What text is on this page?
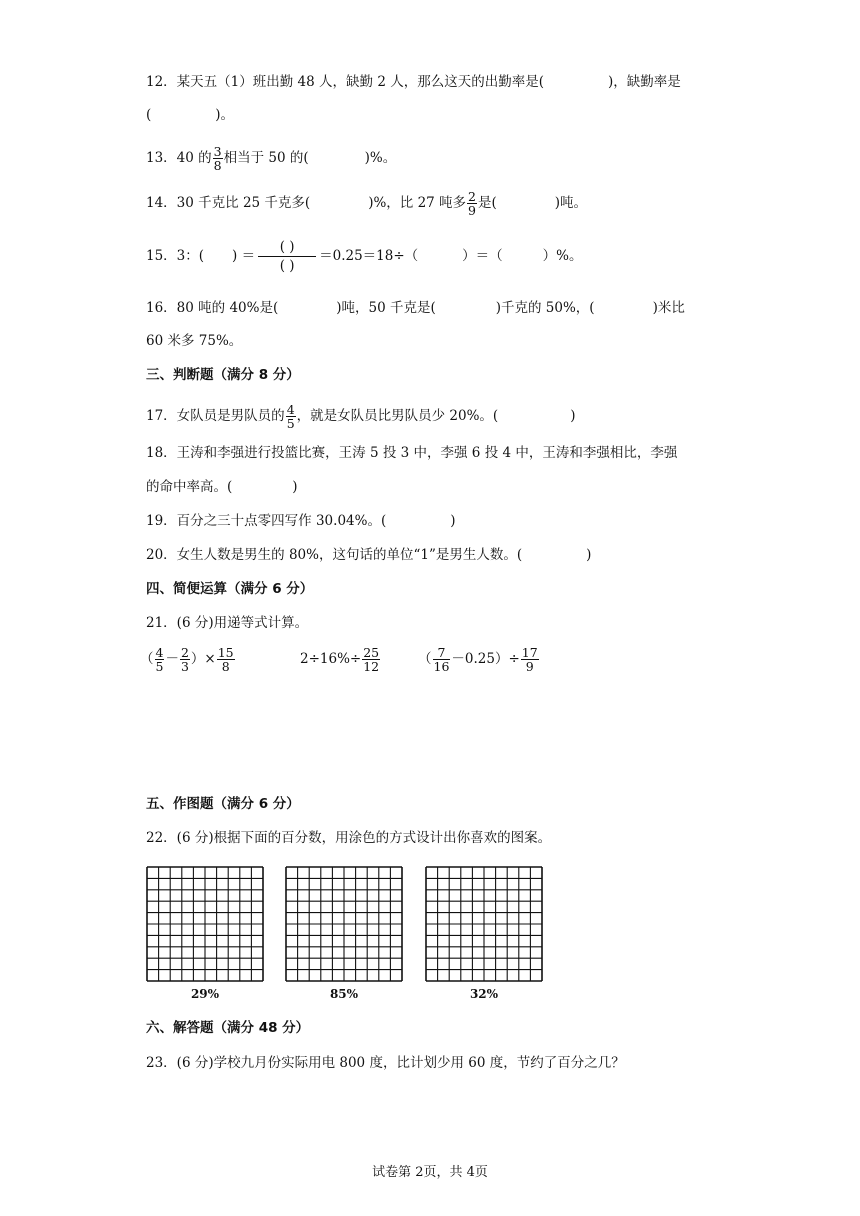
12．某天五（1）班出勤 48 人，缺勤 2 人，那么这天的出勤率是(	)，缺勤率是
(	)。
13．40 的 $\frac{3}{8}$ 相当于 50 的(	)%。
14．30 千克比 25 千克多(	)%，比 27 吨多 $\frac{2}{9}$ 是(	)吨。
15．3：( ) ＝
( )
( )
＝0.25＝18÷（	）＝（	）%。
16．80 吨的 40%是(	)吨，50 千克是(	)千克的 50%，(	)米比
60 米多 75%。
三、判断题（满分 8 分）
17．女队员是男队员的 $\frac{4}{5}$ ，就是女队员比男队员少 20%。(	)
18．王涛和李强进行投篮比赛，王涛 5 投 3 中，李强 6 投 4 中，王涛和李强相比，李强
的命中率高。(	)
19．百分之三十点零四写作 30.04%。(	)
20．女生人数是男生的 80%，这句话的单位“1”是男生人数。(	)
四、简便运算（满分 6 分）
21．(6 分)用递等式计算。
（ $\frac{4}{5} - \frac{2}{3}$ ）× $\frac{15}{8}$	$2\div 16\%\div \frac{25}{12}$	（ $\frac{7}{16} -0.25)\div \frac{17}{9}$
五、作图题（满分 6 分）
22．(6 分)根据下面的百分数，用涂色的方式设计出你喜欢的图案。
29%	85%	32%
六、解答题（满分 48 分）
23．(6 分)学校九月份实际用电 800 度，比计划少用 60 度，节约了百分之几？
试卷第 2页，共 4页
